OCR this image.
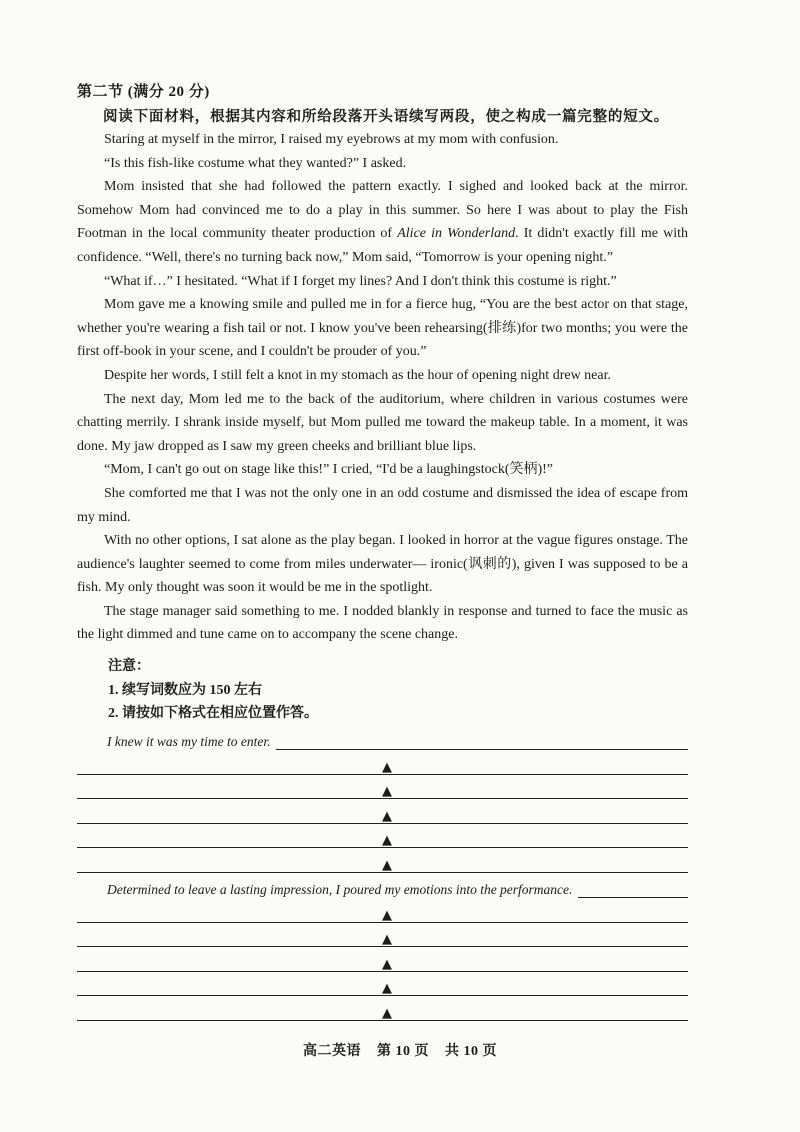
第二节 (满分 20 分)
阅读下面材料，根据其内容和所给段落开头语续写两段，使之构成一篇完整的短文。

Staring at myself in the mirror, I raised my eyebrows at my mom with confusion.

“Is this fish-like costume what they wanted?” I asked.

Mom insisted that she had followed the pattern exactly. I sighed and looked back at the mirror. Somehow Mom had convinced me to do a play in this summer. So here I was about to play the Fish Footman in the local community theater production of Alice in Wonderland. It didn't exactly fill me with confidence. “Well, there's no turning back now,” Mom said, “Tomorrow is your opening night.”

“What if…” I hesitated. “What if I forget my lines? And I don't think this costume is right.”

Mom gave me a knowing smile and pulled me in for a fierce hug, “You are the best actor on that stage, whether you're wearing a fish tail or not. I know you've been rehearsing(排练)for two months; you were the first off-book in your scene, and I couldn't be prouder of you.”

Despite her words, I still felt a knot in my stomach as the hour of opening night drew near.

The next day, Mom led me to the back of the auditorium, where children in various costumes were chatting merrily. I shrank inside myself, but Mom pulled me toward the makeup table. In a moment, it was done. My jaw dropped as I saw my green cheeks and brilliant blue lips.

“Mom, I can't go out on stage like this!” I cried, “I'd be a laughingstock(笑柄)!”

She comforted me that I was not the only one in an odd costume and dismissed the idea of escape from my mind.

With no other options, I sat alone as the play began. I looked in horror at the vague figures onstage. The audience's laughter seemed to come from miles underwater— ironic(讽刺的), given I was supposed to be a fish. My only thought was soon it would be me in the spotlight.

The stage manager said something to me. I nodded blankly in response and turned to face the music as the light dimmed and tune came on to accompany the scene change.

注意：
1. 续写词数应为 150 左右
2. 请按如下格式在相应位置作答。
I knew it was my time to enter.
▲
▲
▲
▲
▲
Determined to leave a lasting impression, I poured my emotions into the performance.
▲
▲
▲
▲
▲
高二英语 第 10 页 共 10 页
